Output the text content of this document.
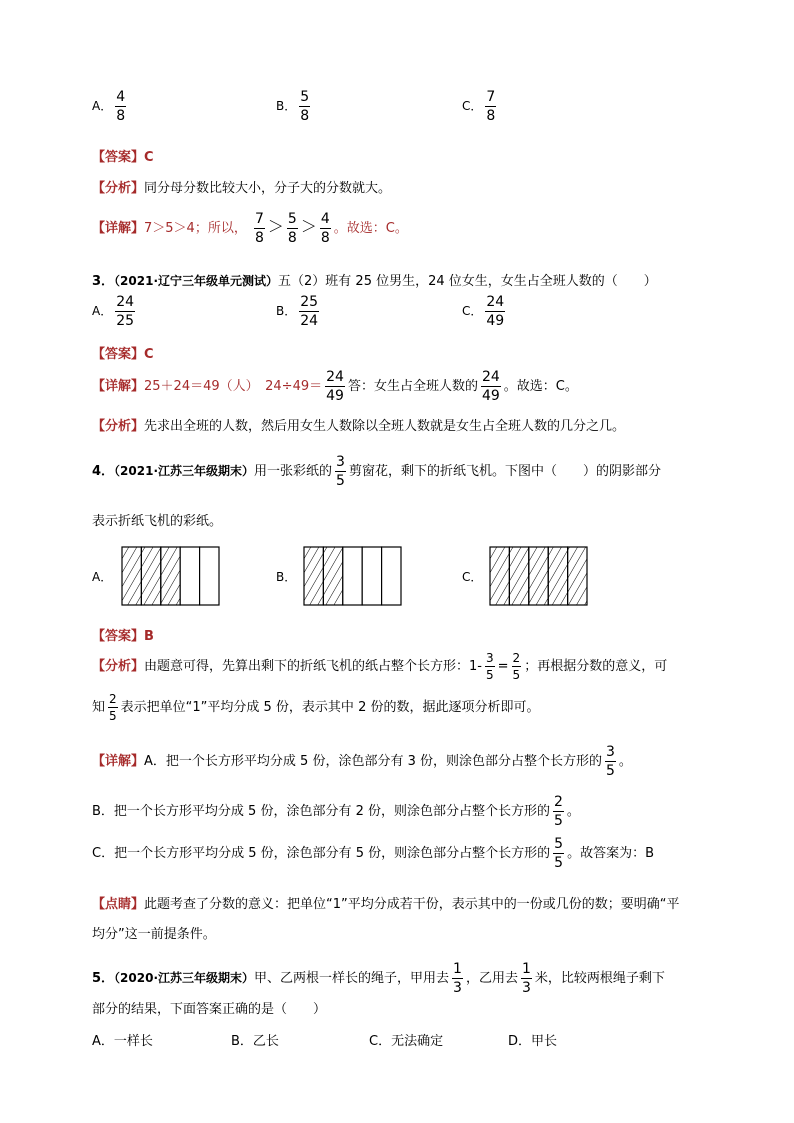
A． $\frac{4}{8}$	B． $\frac{5}{8}$	C． $\frac{7}{8}$
【答案】C
【分析】同分母分数比较大小，分子大的分数就大。
【详解】7＞5＞4；所以， $\frac{7}{8} > \frac{5}{8} > \frac{4}{8}$ 。故选：C。
3．（2021·辽宁三年级单元测试）五（2）班有 25 位男生，24 位女生，女生占全班人数的（　　）
A． $\frac{24}{25}$	B． $\frac{25}{24}$	C． $\frac{24}{49}$
【答案】C
【详解】25＋24＝49（人）　$24\div 49= \frac{24}{49}$ 答：女生占全班人数的 $\frac{24}{49}$ 。故选：C。
【分析】先求出全班的人数，然后用女生人数除以全班人数就是女生占全班人数的几分之几。
4．（2021·江苏三年级期末）用一张彩纸的 $\frac{3}{5}$ 剪窗花，剩下的折纸飞机。下图中（　　）的阴影部分
表示折纸飞机的彩纸。
A．	B．	C．
【答案】B
【分析】由题意可得，先算出剩下的折纸飞机的纸占整个长方形：$1- \frac{3}{5} = \frac{2}{5}$ ；再根据分数的意义，可
知 $\frac{2}{5}$ 表示把单位“1”平均分成 5 份，表示其中 2 份的数，据此逐项分析即可。
【详解】A．把一个长方形平均分成 5 份，涂色部分有 3 份，则涂色部分占整个长方形的 $\frac{3}{5}$ 。
B．把一个长方形平均分成 5 份，涂色部分有 2 份，则涂色部分占整个长方形的 $\frac{2}{5}$ 。
C．把一个长方形平均分成 5 份，涂色部分有 5 份，则涂色部分占整个长方形的 $\frac{5}{5}$ 。故答案为：B
【点睛】此题考查了分数的意义：把单位“1”平均分成若干份，表示其中的一份或几份的数；要明确“平
均分”这一前提条件。
5．（2020·江苏三年级期末）甲、乙两根一样长的绳子，甲用去 $\frac{1}{3}$ ，乙用去 $\frac{1}{3}$ 米，比较两根绳子剩下
部分的结果，下面答案正确的是（　　）
A．一样长	B．乙长	C．无法确定	D．甲长
